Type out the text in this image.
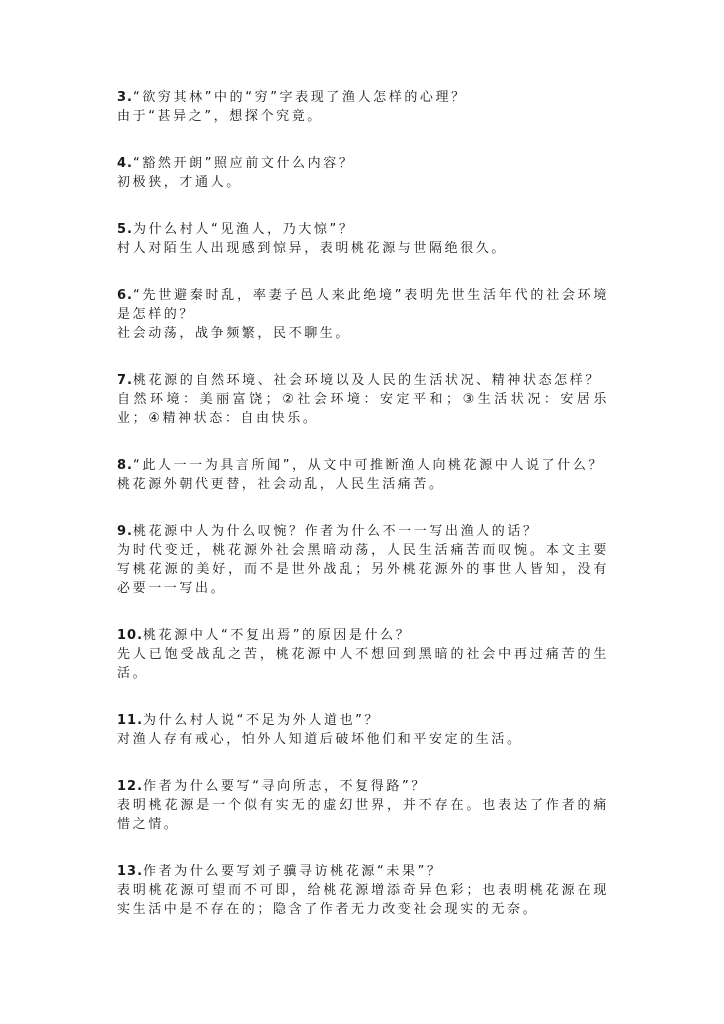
3.“欲穷其林”中的“穷”字表现了渔人怎样的心理？
由于“甚异之”，想探个究竟。
4.“豁然开朗”照应前文什么内容？
初极狭，才通人。
5.为什么村人“见渔人，乃大惊”？
村人对陌生人出现感到惊异，表明桃花源与世隔绝很久。
6.“先世避秦时乱，率妻子邑人来此绝境”表明先世生活年代的社会环境是怎样的？
社会动荡，战争频繁，民不聊生。
7.桃花源的自然环境、社会环境以及人民的生活状况、精神状态怎样？
自然环境：美丽富饶；②社会环境：安定平和；③生活状况：安居乐业；④精神状态：自由快乐。
8.“此人一一为具言所闻”，从文中可推断渔人向桃花源中人说了什么？
桃花源外朝代更替，社会动乱，人民生活痛苦。
9.桃花源中人为什么叹惋？作者为什么不一一写出渔人的话？
为时代变迁，桃花源外社会黑暗动荡，人民生活痛苦而叹惋。本文主要写桃花源的美好，而不是世外战乱；另外桃花源外的事世人皆知，没有必要一一写出。
10.桃花源中人“不复出焉”的原因是什么？
先人已饱受战乱之苦，桃花源中人不想回到黑暗的社会中再过痛苦的生活。
11.为什么村人说“不足为外人道也”？
对渔人存有戒心，怕外人知道后破坏他们和平安定的生活。
12.作者为什么要写“寻向所志，不复得路”？
表明桃花源是一个似有实无的虚幻世界，并不存在。也表达了作者的痛惜之情。
13.作者为什么要写刘子骥寻访桃花源“未果”？
表明桃花源可望而不可即，给桃花源增添奇异色彩；也表明桃花源在现实生活中是不存在的；隐含了作者无力改变社会现实的无奈。
